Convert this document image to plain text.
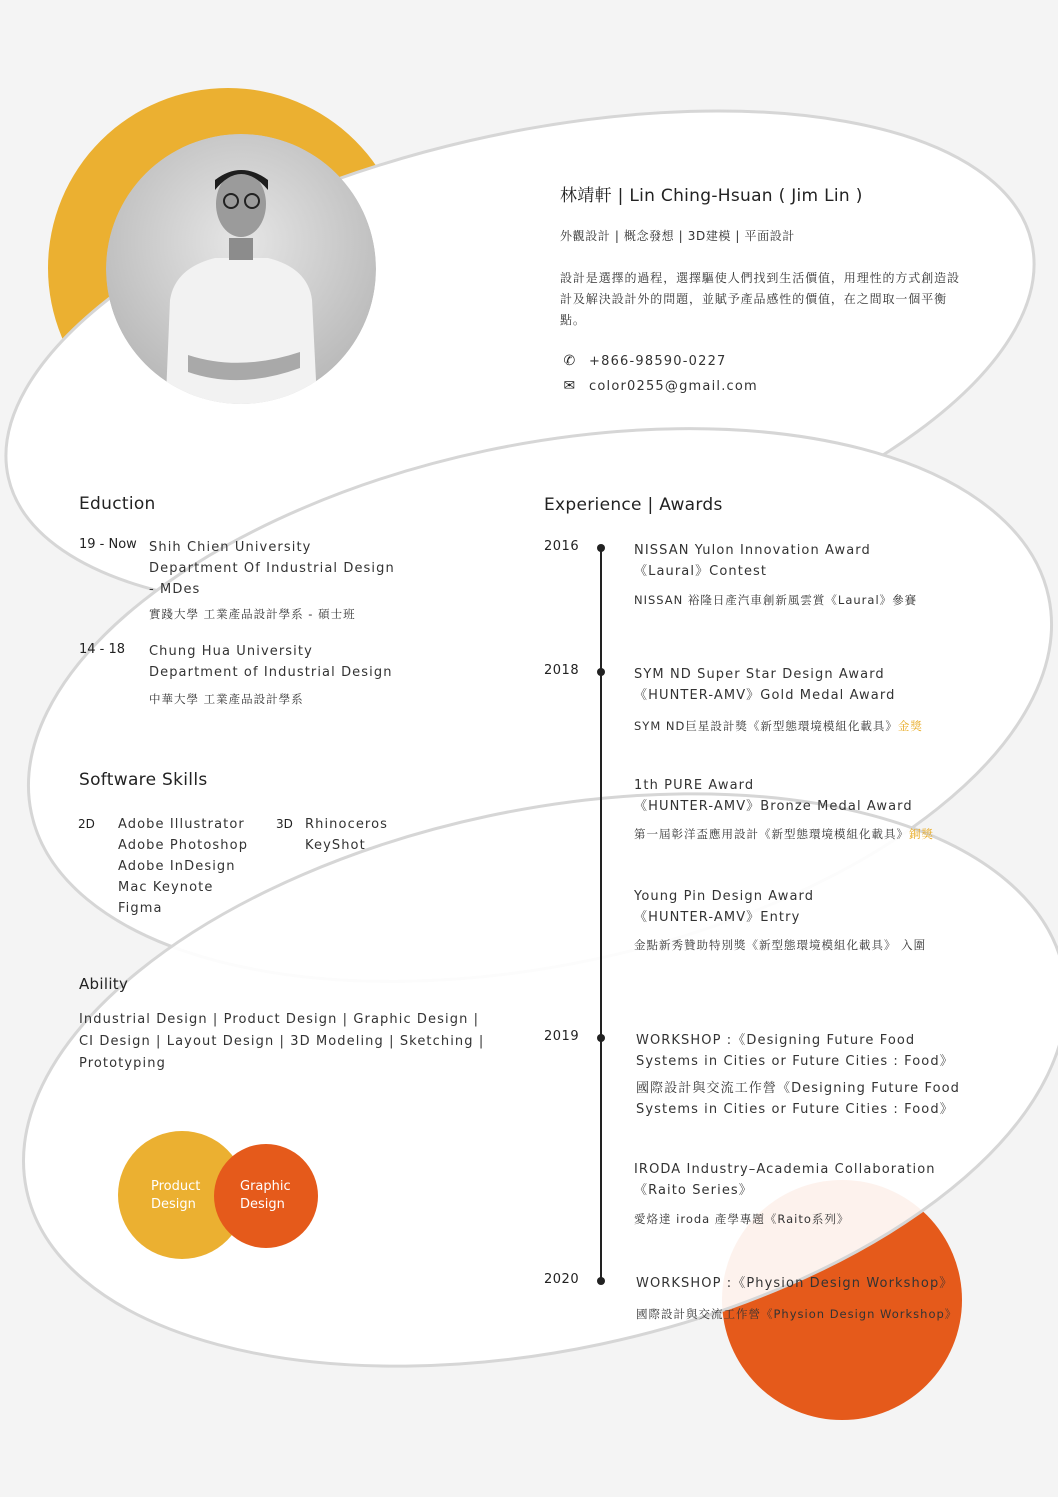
林靖軒 | Lin Ching-Hsuan ( Jim Lin )
外觀設計 | 概念發想 | 3D建模 | 平面設計
設計是選擇的過程，選擇驅使人們找到生活價值，用理性的方式創造設計及解決設計外的問題，並賦予產品感性的價值，在之間取一個平衡點。
✆ +866-98590-0227
✉ color0255@gmail.com
Eduction
19 - Now Shih Chien University
Department Of Industrial Design
- MDes
實踐大學 工業產品設計學系 - 碩士班
14 - 18 Chung Hua University
Department of Industrial Design
中華大學 工業產品設計學系
Software Skills
2D Adobe Illustrator
Adobe Photoshop
Adobe InDesign
Mac Keynote
Figma
3D Rhinoceros
KeyShot
Ability
Industrial Design | Product Design | Graphic Design | CI Design | Layout Design | 3D Modeling | Sketching | Prototyping
Product
Design
Graphic
Design
Experience | Awards
2016
2018
2019
2020
NISSAN Yulon Innovation Award
《Laural》Contest
NISSAN 裕隆日產汽車創新風雲賞《Laural》參賽
SYM ND Super Star Design Award
《HUNTER-AMV》Gold Medal Award
SYM ND巨星設計獎《新型態環境模組化載具》金獎
1th PURE Award
《HUNTER-AMV》Bronze Medal Award
第一屆彰洋盃應用設計《新型態環境模組化載具》銅獎
Young Pin Design Award
《HUNTER-AMV》Entry
金點新秀贊助特別獎《新型態環境模組化載具》 入圍
WORKSHOP :《Designing Future Food
Systems in Cities or Future Cities : Food》
國際設計與交流工作營《Designing Future Food
Systems in Cities or Future Cities : Food》
IRODA Industry–Academia Collaboration
《Raito Series》
愛烙達 iroda 產學專題《Raito系列》
WORKSHOP :《Physion Design Workshop》
國際設計與交流工作營《Physion Design Workshop》
